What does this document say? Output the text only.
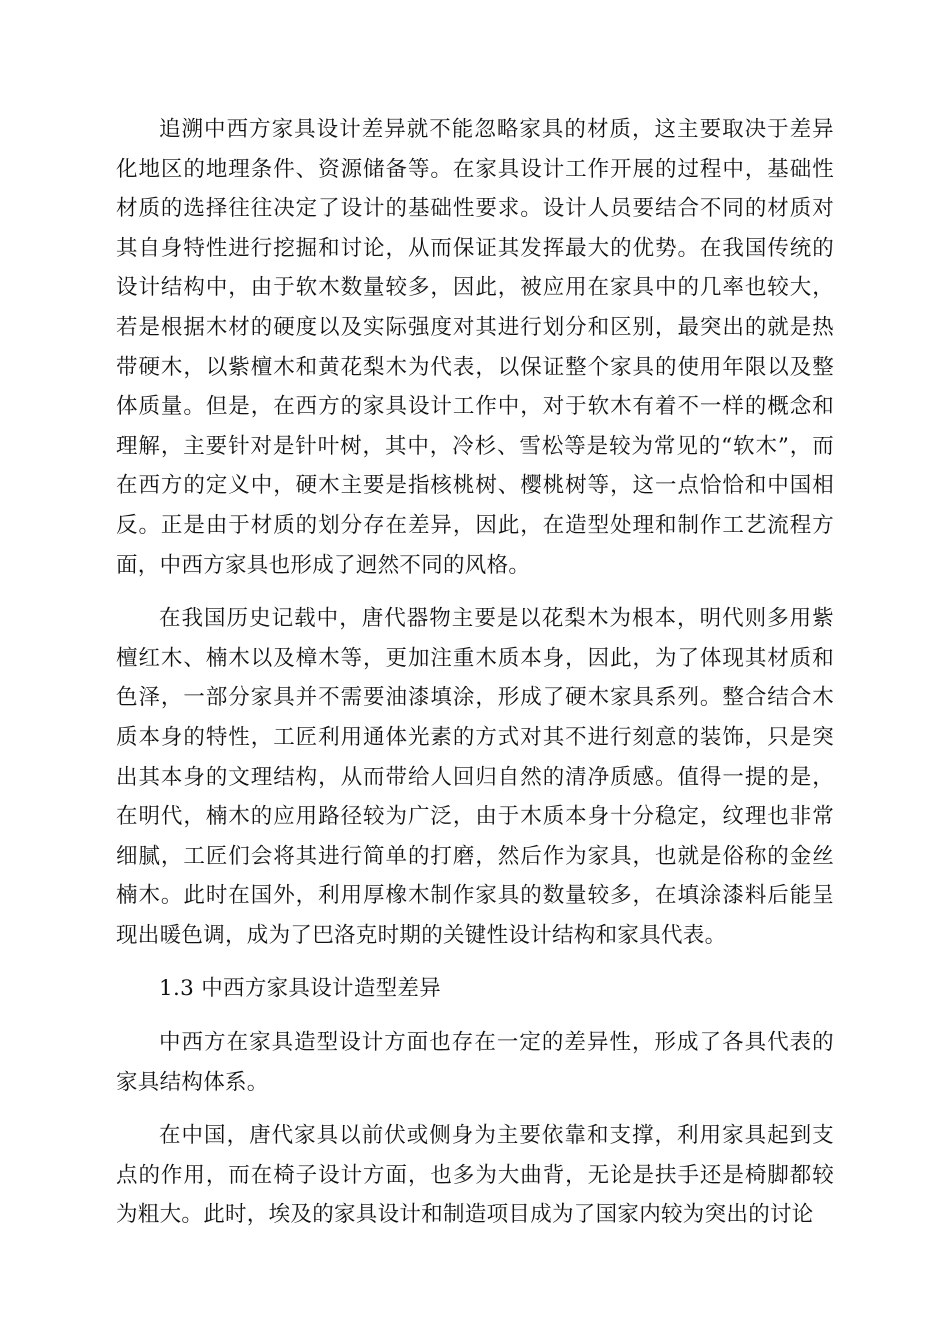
追溯中西方家具设计差异就不能忽略家具的材质，这主要取决于差异化地区的地理条件、资源储备等。在家具设计工作开展的过程中，基础性材质的选择往往决定了设计的基础性要求。设计人员要结合不同的材质对其自身特性进行挖掘和讨论，从而保证其发挥最大的优势。在我国传统的设计结构中，由于软木数量较多，因此，被应用在家具中的几率也较大，若是根据木材的硬度以及实际强度对其进行划分和区别，最突出的就是热带硬木，以紫檀木和黄花梨木为代表，以保证整个家具的使用年限以及整体质量。但是，在西方的家具设计工作中，对于软木有着不一样的概念和理解，主要针对是针叶树，其中，冷杉、雪松等是较为常见的“软木”，而在西方的定义中，硬木主要是指核桃树、樱桃树等，这一点恰恰和中国相反。正是由于材质的划分存在差异，因此，在造型处理和制作工艺流程方面，中西方家具也形成了迥然不同的风格。

在我国历史记载中，唐代器物主要是以花梨木为根本，明代则多用紫檀红木、楠木以及樟木等，更加注重木质本身，因此，为了体现其材质和色泽，一部分家具并不需要油漆填涂，形成了硬木家具系列。整合结合木质本身的特性，工匠利用通体光素的方式对其不进行刻意的装饰，只是突出其本身的文理结构，从而带给人回归自然的清净质感。值得一提的是，在明代，楠木的应用路径较为广泛，由于木质本身十分稳定，纹理也非常细腻，工匠们会将其进行简单的打磨，然后作为家具，也就是俗称的金丝楠木。此时在国外，利用厚橡木制作家具的数量较多，在填涂漆料后能呈现出暖色调，成为了巴洛克时期的关键性设计结构和家具代表。

1.3 中西方家具设计造型差异

中西方在家具造型设计方面也存在一定的差异性，形成了各具代表的家具结构体系。

在中国，唐代家具以前伏或侧身为主要依靠和支撑，利用家具起到支点的作用，而在椅子设计方面，也多为大曲背，无论是扶手还是椅脚都较为粗大。此时，埃及的家具设计和制造项目成为了国家内较为突出的讨论
